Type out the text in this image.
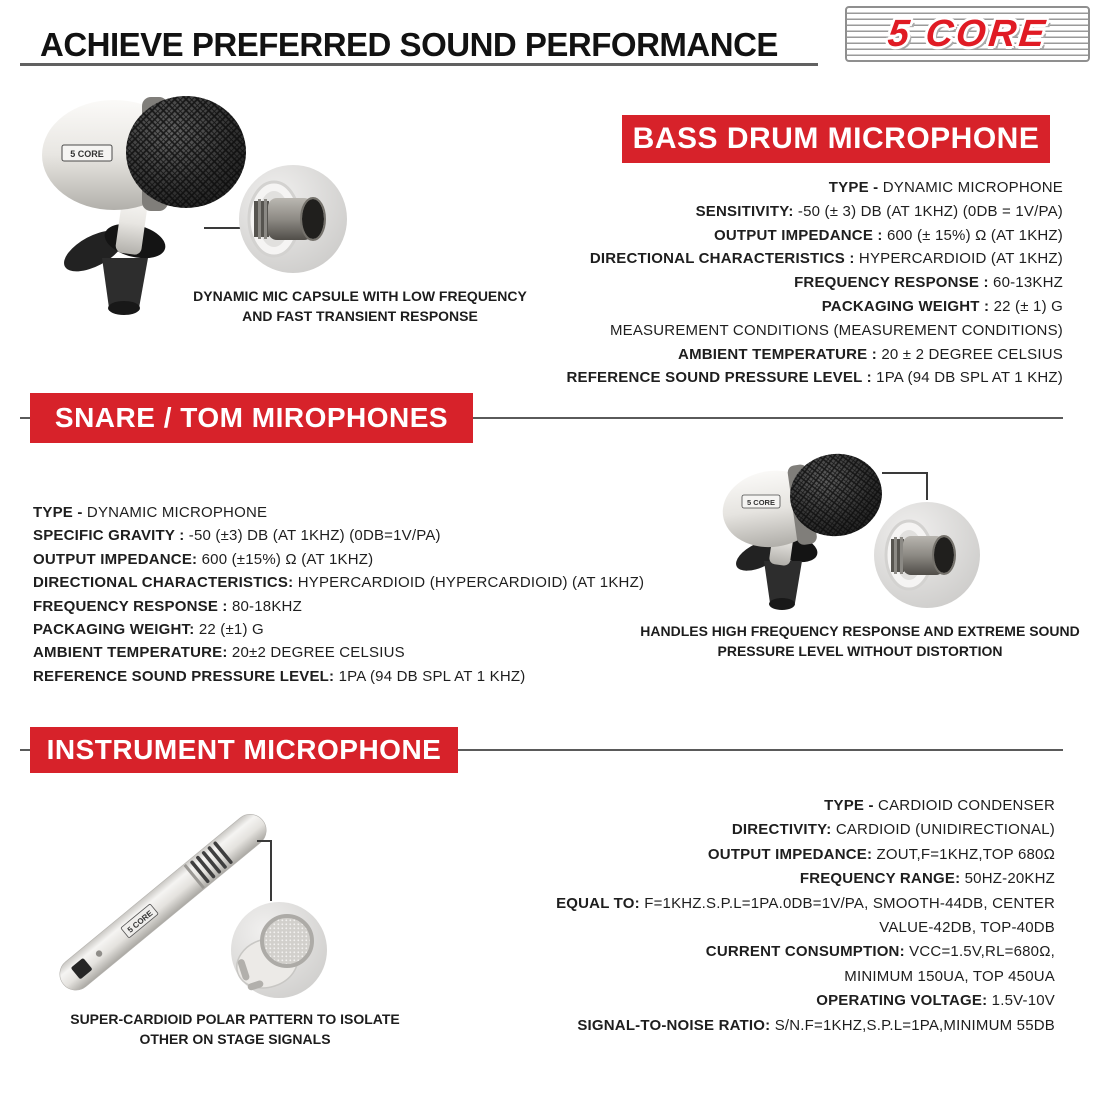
ACHIEVE PREFERRED SOUND PERFORMANCE	5 CORE
5 CORE
DYNAMIC MIC CAPSULE WITH LOW FREQUENCY
AND FAST TRANSIENT RESPONSE
BASS DRUM MICROPHONE
TYPE - DYNAMIC MICROPHONE
SENSITIVITY: -50 (± 3) DB (AT 1KHZ) (0DB = 1V/PA)
OUTPUT IMPEDANCE : 600 (± 15%) Ω (AT 1KHZ)
DIRECTIONAL CHARACTERISTICS : HYPERCARDIOID (AT 1KHZ)
FREQUENCY RESPONSE : 60-13KHZ
PACKAGING WEIGHT : 22 (± 1) G
MEASUREMENT CONDITIONS (MEASUREMENT CONDITIONS)
AMBIENT TEMPERATURE : 20 ± 2 DEGREE CELSIUS
REFERENCE SOUND PRESSURE LEVEL : 1PA (94 DB SPL AT 1 KHZ)
SNARE / TOM MIROPHONES
TYPE - DYNAMIC MICROPHONE
SPECIFIC GRAVITY : -50 (±3) DB (AT 1KHZ) (0DB=1V/PA)
OUTPUT IMPEDANCE: 600 (±15%) Ω (AT 1KHZ)
DIRECTIONAL CHARACTERISTICS: HYPERCARDIOID (HYPERCARDIOID) (AT 1KHZ)
FREQUENCY RESPONSE : 80-18KHZ
PACKAGING WEIGHT: 22 (±1) G
AMBIENT TEMPERATURE: 20±2 DEGREE CELSIUS
REFERENCE SOUND PRESSURE LEVEL: 1PA (94 DB SPL AT 1 KHZ)
5 CORE
HANDLES HIGH FREQUENCY RESPONSE AND EXTREME SOUND
PRESSURE LEVEL WITHOUT DISTORTION
INSTRUMENT MICROPHONE
5 CORE
SUPER-CARDIOID POLAR PATTERN TO ISOLATE
OTHER ON STAGE SIGNALS
TYPE - CARDIOID CONDENSER
DIRECTIVITY: CARDIOID (UNIDIRECTIONAL)
OUTPUT IMPEDANCE: ZOUT,F=1KHZ,TOP 680Ω
FREQUENCY RANGE: 50HZ-20KHZ
EQUAL TO: F=1KHZ.S.P.L=1PA.0DB=1V/PA, SMOOTH-44DB, CENTER
VALUE-42DB, TOP-40DB
CURRENT CONSUMPTION: VCC=1.5V,RL=680Ω,
MINIMUM 150UA, TOP 450UA
OPERATING VOLTAGE: 1.5V-10V
SIGNAL-TO-NOISE RATIO: S/N.F=1KHZ,S.P.L=1PA,MINIMUM 55DB
